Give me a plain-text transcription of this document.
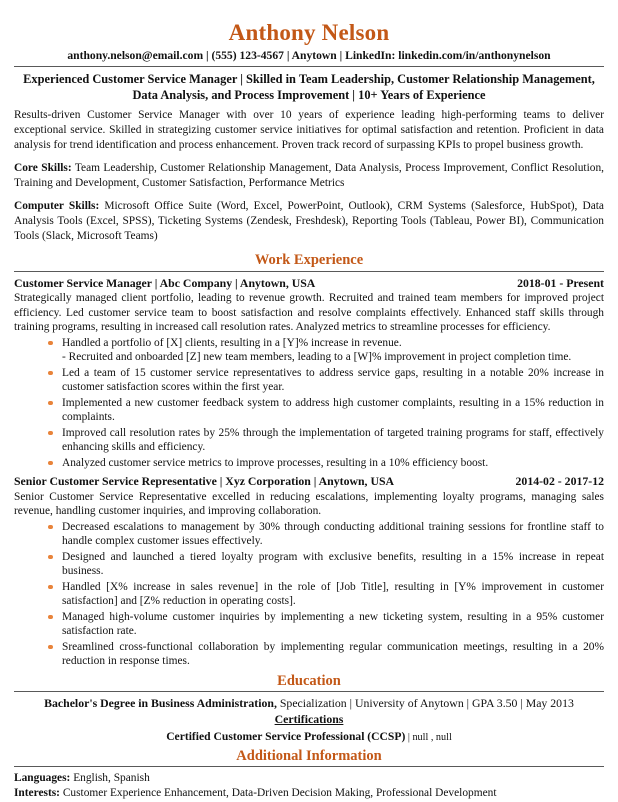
Anthony Nelson
anthony.nelson@email.com | (555) 123-4567 | Anytown | LinkedIn: linkedin.com/in/anthonynelson
Experienced Customer Service Manager | Skilled in Team Leadership, Customer Relationship Management, Data Analysis, and Process Improvement | 10+ Years of Experience

Results-driven Customer Service Manager with over 10 years of experience leading high-performing teams to deliver exceptional service. Skilled in strategizing customer service initiatives for optimal satisfaction and retention. Proficient in data analysis for trend identification and process enhancement. Proven track record of surpassing KPIs to propel business growth.

Core Skills: Team Leadership, Customer Relationship Management, Data Analysis, Process Improvement, Conflict Resolution, Training and Development, Customer Satisfaction, Performance Metrics

Computer Skills: Microsoft Office Suite (Word, Excel, PowerPoint, Outlook), CRM Systems (Salesforce, HubSpot), Data Analysis Tools (Excel, SPSS), Ticketing Systems (Zendesk, Freshdesk), Reporting Tools (Tableau, Power BI), Communication Tools (Slack, Microsoft Teams)

Work Experience
Customer Service Manager | Abc Company | Anytown, USA	2018-01 - Present

Strategically managed client portfolio, leading to revenue growth. Recruited and trained team members for improved project efficiency. Led customer service team to boost satisfaction and resolve complaints effectively. Enhanced staff skills through training programs, resulting in increased call resolution rates. Analyzed metrics to streamline processes for efficiency.

Handled a portfolio of [X] clients, resulting in a [Y]% increase in revenue.
- Recruited and onboarded [Z] new team members, leading to a [W]% improvement in project completion time.
Led a team of 15 customer service representatives to address service gaps, resulting in a notable 20% increase in customer satisfaction scores within the first year.
Implemented a new customer feedback system to address high customer complaints, resulting in a 15% reduction in complaints.
Improved call resolution rates by 25% through the implementation of targeted training programs for staff, effectively enhancing skills and efficiency.
Analyzed customer service metrics to improve processes, resulting in a 10% efficiency boost.
Senior Customer Service Representative | Xyz Corporation | Anytown, USA	2014-02 - 2017-12

Senior Customer Service Representative excelled in reducing escalations, implementing loyalty programs, managing sales revenue, handling customer inquiries, and improving collaboration.

Decreased escalations to management by 30% through conducting additional training sessions for frontline staff to handle complex customer issues effectively.
Designed and launched a tiered loyalty program with exclusive benefits, resulting in a 15% increase in repeat business.
Handled [X% increase in sales revenue] in the role of [Job Title], resulting in [Y% improvement in customer satisfaction] and [Z% reduction in operating costs].
Managed high-volume customer inquiries by implementing a new ticketing system, resulting in a 95% customer satisfaction rate.
Sreamlined cross-functional collaboration by implementing regular communication meetings, resulting in a 20% reduction in response times.
Education
Bachelor's Degree in Business Administration, Specialization | University of Anytown | GPA 3.50 | May 2013
Certifications
Certified Customer Service Professional (CCSP) | null , null
Additional Information

Languages: English, Spanish

Interests: Customer Experience Enhancement, Data-Driven Decision Making, Professional Development
